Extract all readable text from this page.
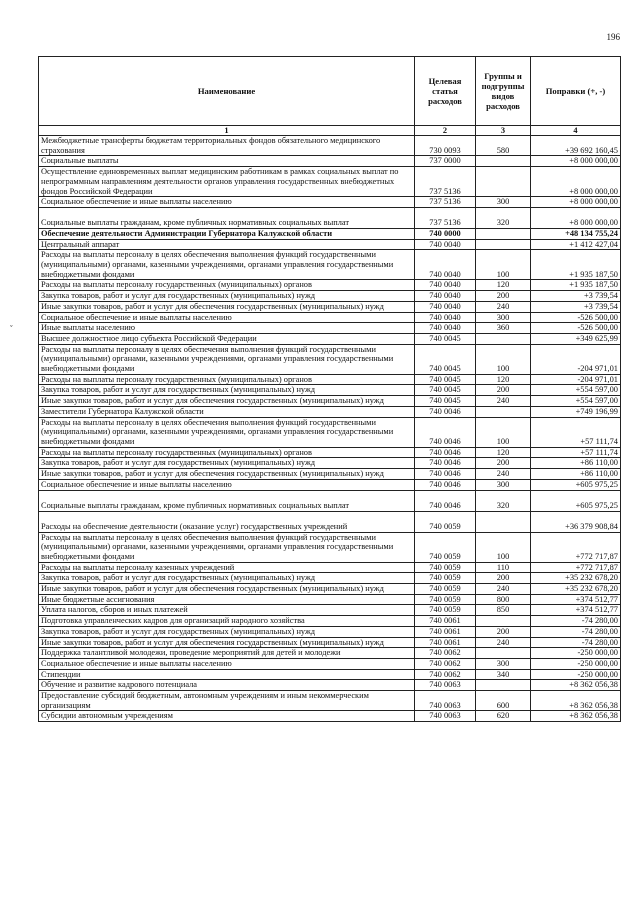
196
ˇ
Наименование	Целевая статья расходов	Группы и подгруппы видов расходов	Поправки (+, -)
1	2	3	4
Межбюджетные трансферты бюджетам территориальных фондов обязательного медицинского страхования	730 0093	580	+39 692 160,45
Социальные выплаты	737 0000		+8 000 000,00
Осуществление единовременных выплат медицинским работникам в рамках социальных выплат по непрограммным направлениям деятельности органов управления государственных внебюджетных фондов Российской Федерации	737 5136		+8 000 000,00
Социальное обеспечение и иные выплаты населению	737 5136	300	+8 000 000,00
Социальные выплаты гражданам, кроме публичных нормативных социальных выплат	737 5136	320	+8 000 000,00
Обеспечение деятельности Администрации Губернатора Калужской области	740 0000		+48 134 755,24
Центральный аппарат	740 0040		+1 412 427,04
Расходы на выплаты персоналу в целях обеспечения выполнения функций государственными (муниципальными) органами, казенными учреждениями, органами управления государственными внебюджетными фондами	740 0040	100	+1 935 187,50
Расходы на выплаты персоналу государственных (муниципальных) органов	740 0040	120	+1 935 187,50
Закупка товаров, работ и услуг для государственных (муниципальных) нужд	740 0040	200	+3 739,54
Иные закупки товаров, работ и услуг для обеспечения государственных (муниципальных) нужд	740 0040	240	+3 739,54
Социальное обеспечение и иные выплаты населению	740 0040	300	-526 500,00
Иные выплаты населению	740 0040	360	-526 500,00
Высшее должностное лицо субъекта Российской Федерации	740 0045		+349 625,99
Расходы на выплаты персоналу в целях обеспечения выполнения функций государственными (муниципальными) органами, казенными учреждениями, органами управления государственными внебюджетными фондами	740 0045	100	-204 971,01
Расходы на выплаты персоналу государственных (муниципальных) органов	740 0045	120	-204 971,01
Закупка товаров, работ и услуг для государственных (муниципальных) нужд	740 0045	200	+554 597,00
Иные закупки товаров, работ и услуг для обеспечения государственных (муниципальных) нужд	740 0045	240	+554 597,00
Заместители Губернатора Калужской области	740 0046		+749 196,99
Расходы на выплаты персоналу в целях обеспечения выполнения функций государственными (муниципальными) органами, казенными учреждениями, органами управления государственными внебюджетными фондами	740 0046	100	+57 111,74
Расходы на выплаты персоналу государственных (муниципальных) органов	740 0046	120	+57 111,74
Закупка товаров, работ и услуг для государственных (муниципальных) нужд	740 0046	200	+86 110,00
Иные закупки товаров, работ и услуг для обеспечения государственных (муниципальных) нужд	740 0046	240	+86 110,00
Социальное обеспечение и иные выплаты населению	740 0046	300	+605 975,25
Социальные выплаты гражданам, кроме публичных нормативных социальных выплат	740 0046	320	+605 975,25
Расходы на обеспечение деятельности (оказание услуг) государственных учреждений	740 0059		+36 379 908,84
Расходы на выплаты персоналу в целях обеспечения выполнения функций государственными (муниципальными) органами, казенными учреждениями, органами управления государственными внебюджетными фондами	740 0059	100	+772 717,87
Расходы на выплаты персоналу казенных учреждений	740 0059	110	+772 717,87
Закупка товаров, работ и услуг для государственных (муниципальных) нужд	740 0059	200	+35 232 678,20
Иные закупки товаров, работ и услуг для обеспечения государственных (муниципальных) нужд	740 0059	240	+35 232 678,20
Иные бюджетные ассигнования	740 0059	800	+374 512,77
Уплата налогов, сборов и иных платежей	740 0059	850	+374 512,77
Подготовка управленческих кадров для организаций народного хозяйства	740 0061		-74 280,00
Закупка товаров, работ и услуг для государственных (муниципальных) нужд	740 0061	200	-74 280,00
Иные закупки товаров, работ и услуг для обеспечения государственных (муниципальных) нужд	740 0061	240	-74 280,00
Поддержка талантливой молодежи, проведение мероприятий для детей и молодежи	740 0062		-250 000,00
Социальное обеспечение и иные выплаты населению	740 0062	300	-250 000,00
Стипендии	740 0062	340	-250 000,00
Обучение и развитие кадрового потенциала	740 0063		+8 362 056,38
Предоставление субсидий бюджетным, автономным учреждениям и иным некоммерческим организациям	740 0063	600	+8 362 056,38
Субсидии автономным учреждениям	740 0063	620	+8 362 056,38
